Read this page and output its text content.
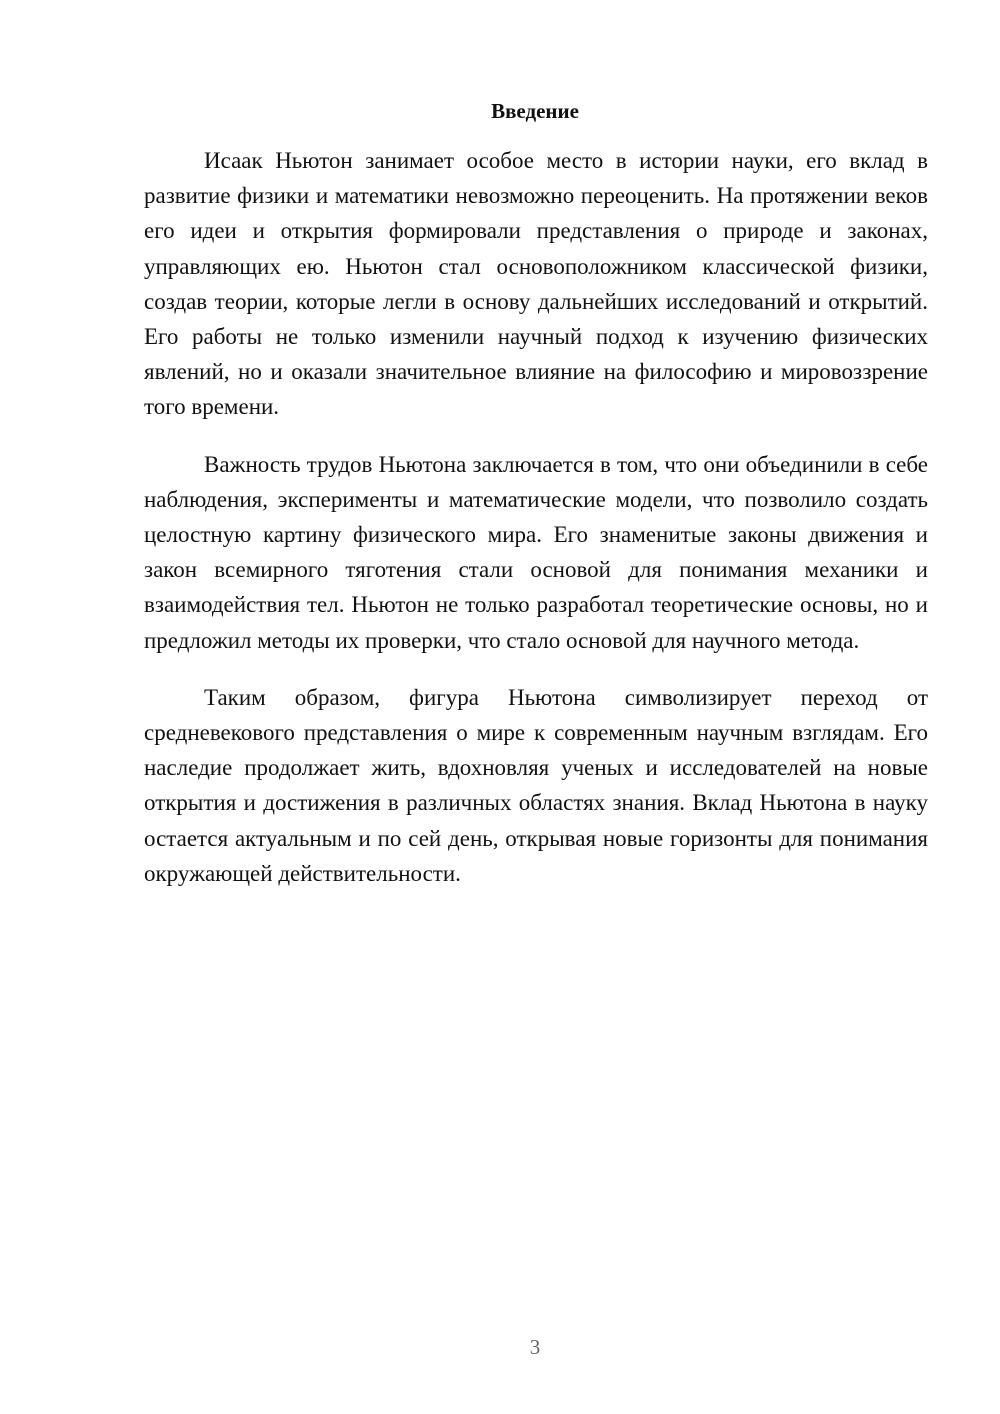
Введение

Исаак Ньютон занимает особое место в истории науки, его вклад в развитие физики и математики невозможно переоценить. На протяжении веков его идеи и открытия формировали представления о природе и законах, управляющих ею. Ньютон стал основоположником классической физики, создав теории, которые легли в основу дальнейших исследований и открытий. Его работы не только изменили научный подход к изучению физических явлений, но и оказали значительное влияние на философию и мировоззрение того времени.

Важность трудов Ньютона заключается в том, что они объединили в себе наблюдения, эксперименты и математические модели, что позволило создать целостную картину физического мира. Его знаменитые законы движения и закон всемирного тяготения стали основой для понимания механики и взаимодействия тел. Ньютон не только разработал теоретические основы, но и предложил методы их проверки, что стало основой для научного метода.

Таким образом, фигура Ньютона символизирует переход от средневекового представления о мире к современным научным взглядам. Его наследие продолжает жить, вдохновляя ученых и исследователей на новые открытия и достижения в различных областях знания. Вклад Ньютона в науку остается актуальным и по сей день, открывая новые горизонты для понимания окружающей действительности.

3
